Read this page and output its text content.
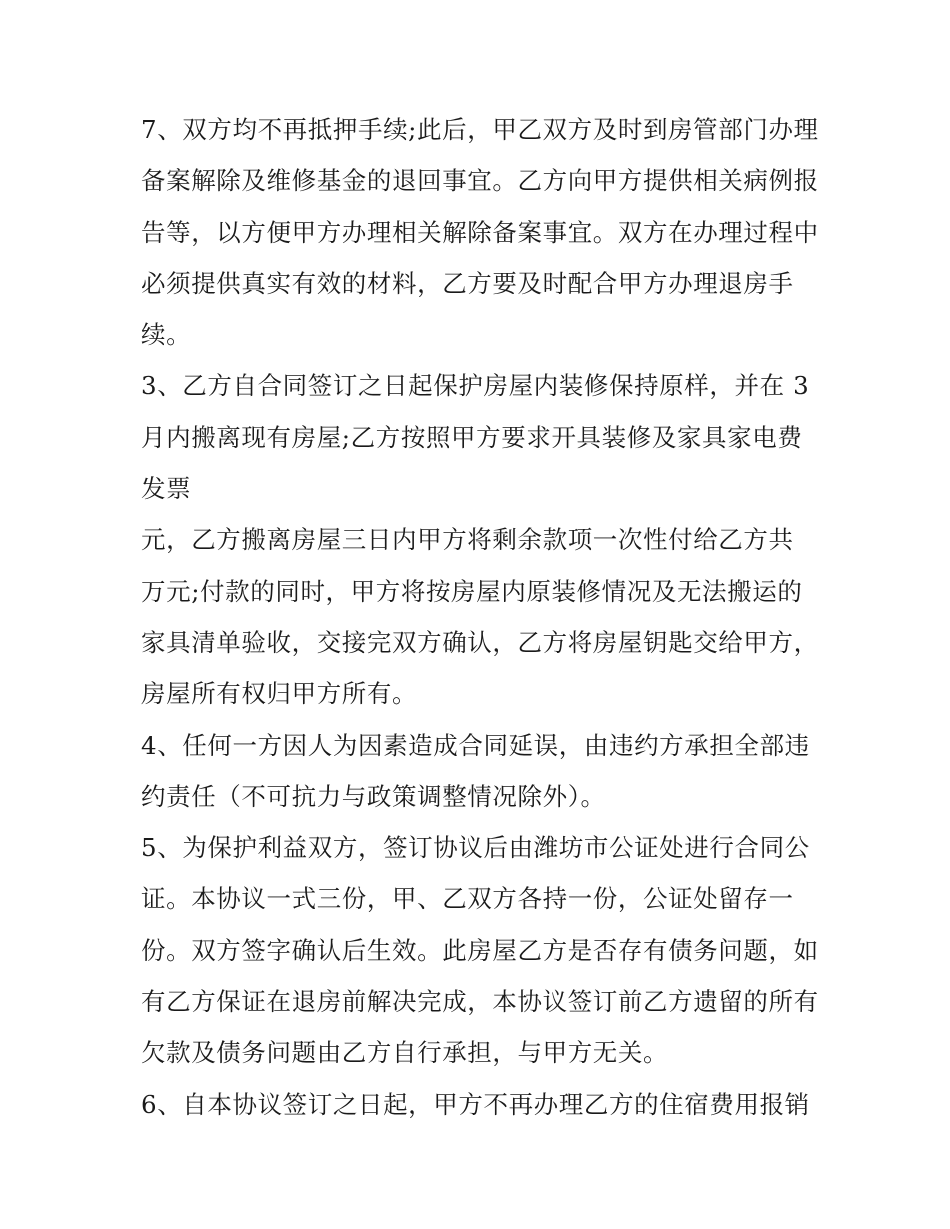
7、双方均不再抵押手续;此后，甲乙双方及时到房管部门办理
备案解除及维修基金的退回事宜。乙方向甲方提供相关病例报
告等，以方便甲方办理相关解除备案事宜。双方在办理过程中
必须提供真实有效的材料，乙方要及时配合甲方办理退房手
续。
3、乙方自合同签订之日起保护房屋内装修保持原样，并在 3
月内搬离现有房屋;乙方按照甲方要求开具装修及家具家电费
发票
元，乙方搬离房屋三日内甲方将剩余款项一次性付给乙方共
万元;付款的同时，甲方将按房屋内原装修情况及无法搬运的
家具清单验收，交接完双方确认，乙方将房屋钥匙交给甲方，
房屋所有权归甲方所有。
4、任何一方因人为因素造成合同延误，由违约方承担全部违
约责任（不可抗力与政策调整情况除外）。
5、为保护利益双方，签订协议后由潍坊市公证处进行合同公
证。本协议一式三份，甲、乙双方各持一份，公证处留存一
份。双方签字确认后生效。此房屋乙方是否存有债务问题，如
有乙方保证在退房前解决完成，本协议签订前乙方遗留的所有
欠款及债务问题由乙方自行承担，与甲方无关。
6、自本协议签订之日起，甲方不再办理乙方的住宿费用报销
